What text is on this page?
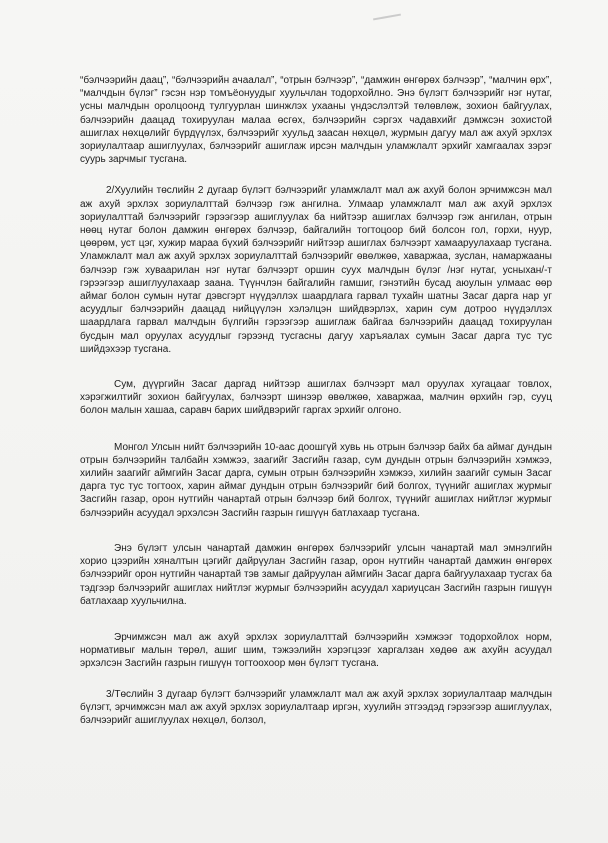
“бэлчээрийн даац”, “бэлчээрийн ачаалал”, “отрын бэлчээр”, “дамжин өнгөрөх бэлчээр”, “малчин өрх”, “малчдын бүлэг” гэсэн нэр томъёонуудыг хуульчлан тодорхойлно. Энэ бүлэгт бэлчээрийг нэг нутаг, усны малчдын оролцоонд тулгуурлан шинжлэх ухааны үндэслэлтэй төлөвлөж, зохион байгуулах, бэлчээрийн даацад тохируулан малаа өсгөх, бэлчээрийн сэргэх чадавхийг дэмжсэн зохистой ашиглах нөхцөлийг бүрдүүлэх, бэлчээрийг хуульд заасан нөхцөл, журмын дагуу мал аж ахуй эрхлэх зориулалтаар ашиглуулах, бэлчээрийг ашиглаж ирсэн малчдын уламжлалт эрхийг хамгаалах зэрэг суурь зарчмыг тусгана.

2/Хуулийн төслийн 2 дугаар бүлэгт бэлчээрийг уламжлалт мал аж ахуй болон эрчимжсэн мал аж ахуй эрхлэх зориулалттай бэлчээр гэж ангилна. Улмаар уламжлалт мал аж ахуй эрхлэх зориулалттай бэлчээрийг гэрээгээр ашиглуулах ба нийтээр ашиглах бэлчээр гэж ангилан, отрын нөөц нутаг болон дамжин өнгөрөх бэлчээр, байгалийн тогтоцоор бий болсон гол, горхи, нуур, цөөрөм, уст цэг, хужир марaа бүхий бэлчээрийг нийтээр ашиглах бэлчээрт хамааруулахаар тусгана. Уламжлалт мал аж ахуй эрхлэх зориулалттай бэлчээрийг өвөлжөө, хаваржаа, зуслан, намаржааны бэлчээр гэж хуваарилан нэг нутаг бэлчээрт оршин суух малчдын бүлэг /нэг нутаг, усныхан/-т гэрээгээр ашиглуулахаар заана. Түүнчлэн байгалийн гамшиг, гэнэтийн бусад аюулын улмаас өөр аймаг болон сумын нутаг дэвсгэрт нүүдэллэх шаардлага гарвал тухайн шатны Засаг дарга нар уг асуудлыг бэлчээрийн даацад нийцүүлэн хэлэлцэн шийдвэрлэх, харин сум дотроо нүүдэллэх шаардлага гарвал малчдын бүлгийн гэрээгээр ашиглаж байгаа бэлчээрийн даацад тохируулан бусдын мал оруулах асуудлыг гэрээнд тусгасны дагуу харъяалах сумын Засаг дарга тус тус шийдэхээр тусгана.

Сум, дүүргийн Засаг даргад нийтээр ашиглах бэлчээрт мал оруулах хугацааг товлох, хэрэгжилтийг зохион байгуулах, бэлчээрт шинээр өвөлжөө, хаваржаа, малчин өрхийн гэр, сууц болон малын хашаа, саравч барих шийдвэрийг гаргах эрхийг олгоно.

Монгол Улсын нийт бэлчээрийн 10-аас доошгүй хувь нь отрын бэлчээр байх ба аймаг дундын отрын бэлчээрийн талбайн хэмжээ, заагийг Засгийн газар, сум дундын отрын бэлчээрийн хэмжээ, хилийн заагийг аймгийн Засаг дарга, сумын отрын бэлчээрийн хэмжээ, хилийн заагийг сумын Засаг дарга тус тус тогтоох, харин аймаг дундын отрын бэлчээрийг бий болгох, түүнийг ашиглах журмыг Засгийн газар, орон нутгийн чанартай отрын бэлчээр бий болгох, түүнийг ашиглах нийтлэг журмыг бэлчээрийн асуудал эрхэлсэн Засгийн газрын гишүүн батлахаар тусгана.

Энэ бүлэгт улсын чанартай дамжин өнгөрөх бэлчээрийг улсын чанартай мал эмнэлгийн хорио цээрийн хяналтын цэгийг дайрүулан Засгийн газар, орон нутгийн чанартай дамжин өнгөрөх бэлчээрийг орон нутгийн чанартай тэв замыг дайруулан аймгийн Засаг дарга байгуулахаар тусгах ба тэдгээр бэлчээрийг ашиглах нийтлэг журмыг бэлчээрийн асуудал хариуцсан Засгийн газрын гишүүн батлахаар хуульчилна.

Эрчимжсэн мал аж ахуй эрхлэх зориулалттай бэлчээрийн хэмжээг тодорхойлох норм, нормативыг малын төрөл, ашиг шим, тэжээлийн хэрэгцээг харгалзан хөдөө аж ахуйн асуудал эрхэлсэн Засгийн газрын гишүүн тогтоохоор мөн бүлэгт тусгана.

3/Төслийн 3 дугаар бүлэгт бэлчээрийг уламжлалт мал аж ахуй эрхлэх зориулалтаар малчдын бүлэгт, эрчимжсэн мал аж ахуй эрхлэх зориулалтаар иргэн, хуулийн этгээдэд гэрээгээр ашиглуулах, бэлчээрийг ашиглуулах нөхцөл, болзол,
